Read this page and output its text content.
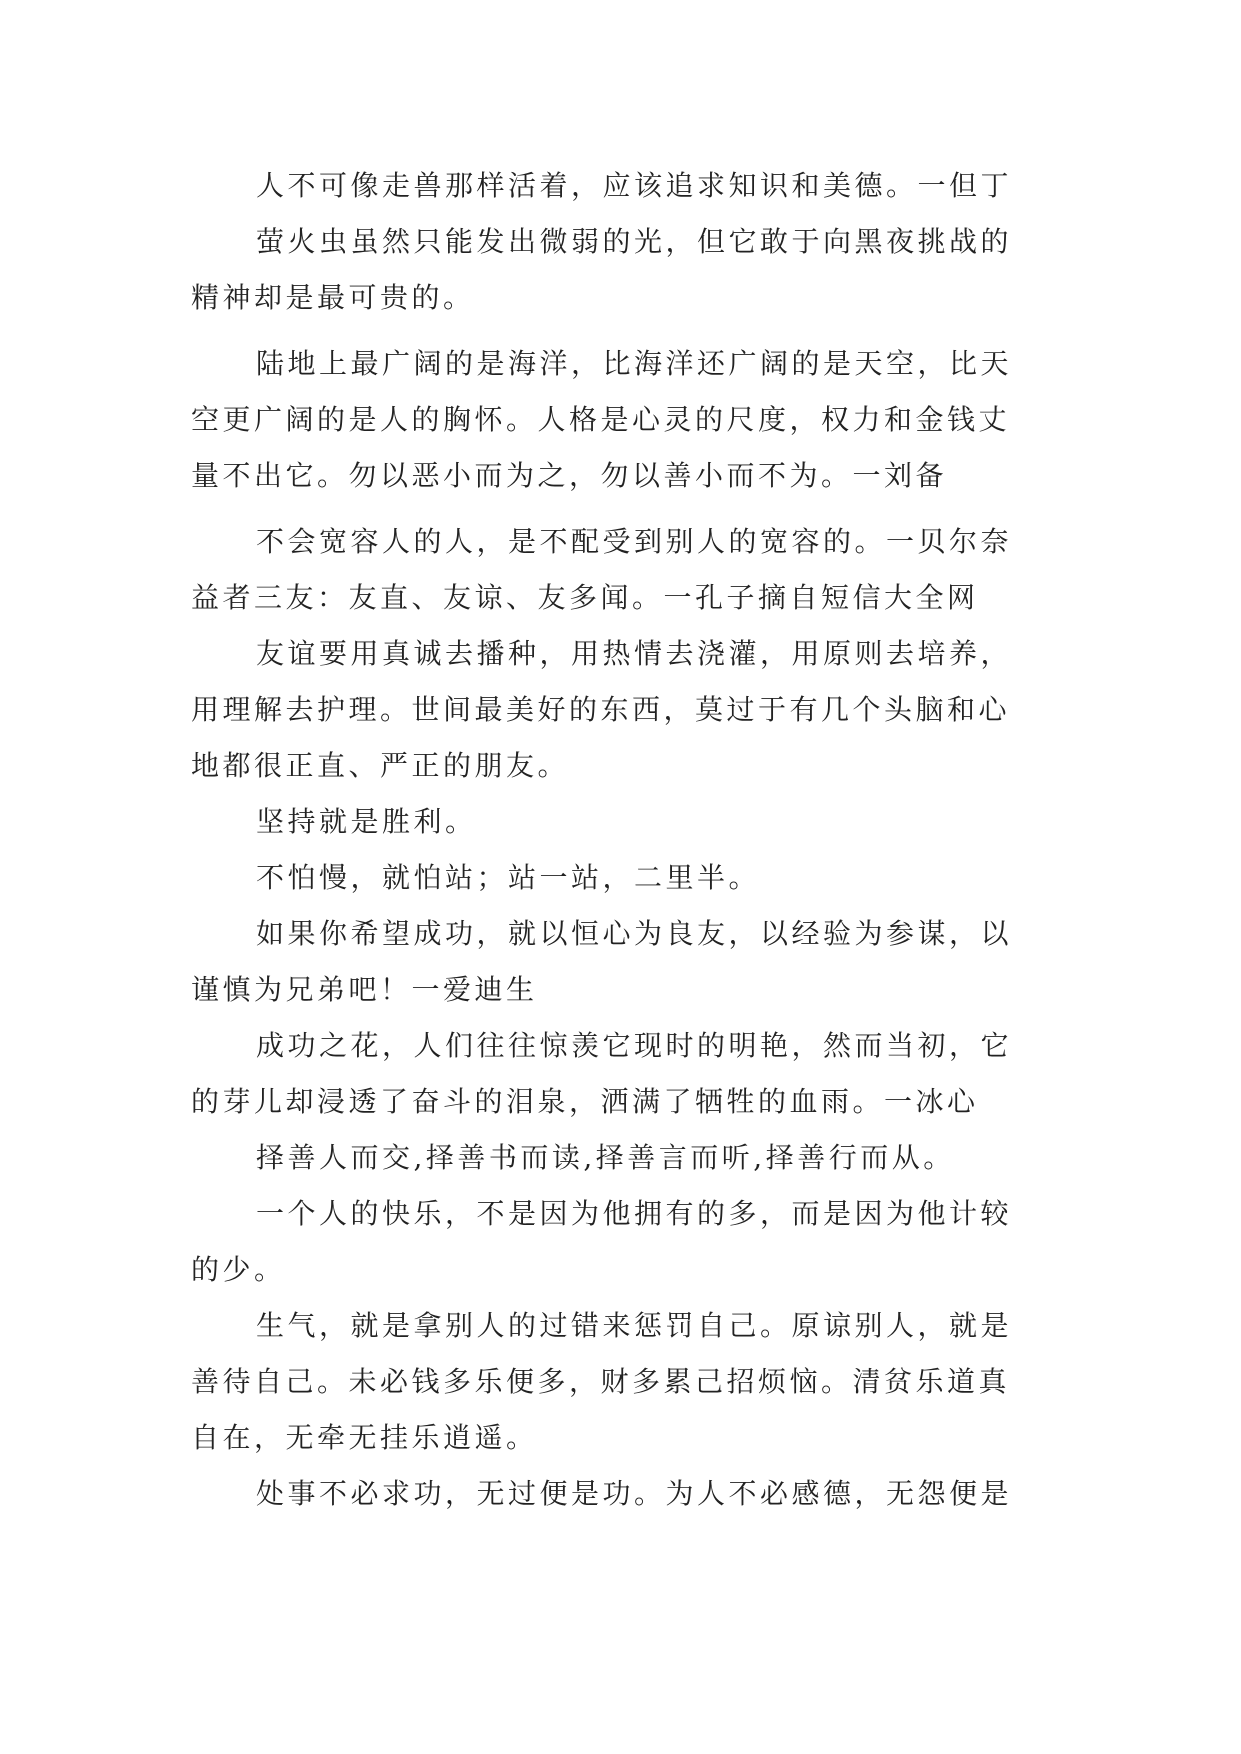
人不可像走兽那样活着，应该追求知识和美德。一但丁
萤火虫虽然只能发出微弱的光，但它敢于向黑夜挑战的
精神却是最可贵的。
陆地上最广阔的是海洋，比海洋还广阔的是天空，比天
空更广阔的是人的胸怀。人格是心灵的尺度，权力和金钱丈
量不出它。勿以恶小而为之，勿以善小而不为。一刘备
不会宽容人的人，是不配受到别人的宽容的。一贝尔奈
益者三友：友直、友谅、友多闻。一孔子摘自短信大全网
友谊要用真诚去播种，用热情去浇灌，用原则去培养，
用理解去护理。世间最美好的东西，莫过于有几个头脑和心
地都很正直、严正的朋友。
坚持就是胜利。
不怕慢，就怕站；站一站，二里半。
如果你希望成功，就以恒心为良友，以经验为参谋，以
谨慎为兄弟吧！一爱迪生
成功之花，人们往往惊羡它现时的明艳，然而当初，它
的芽儿却浸透了奋斗的泪泉，洒满了牺牲的血雨。一冰心
择善人而交,择善书而读,择善言而听,择善行而从。
一个人的快乐，不是因为他拥有的多，而是因为他计较
的少。
生气，就是拿别人的过错来惩罚自己。原谅别人，就是
善待自己。未必钱多乐便多，财多累己招烦恼。清贫乐道真
自在，无牵无挂乐逍遥。
处事不必求功，无过便是功。为人不必感德，无怨便是
